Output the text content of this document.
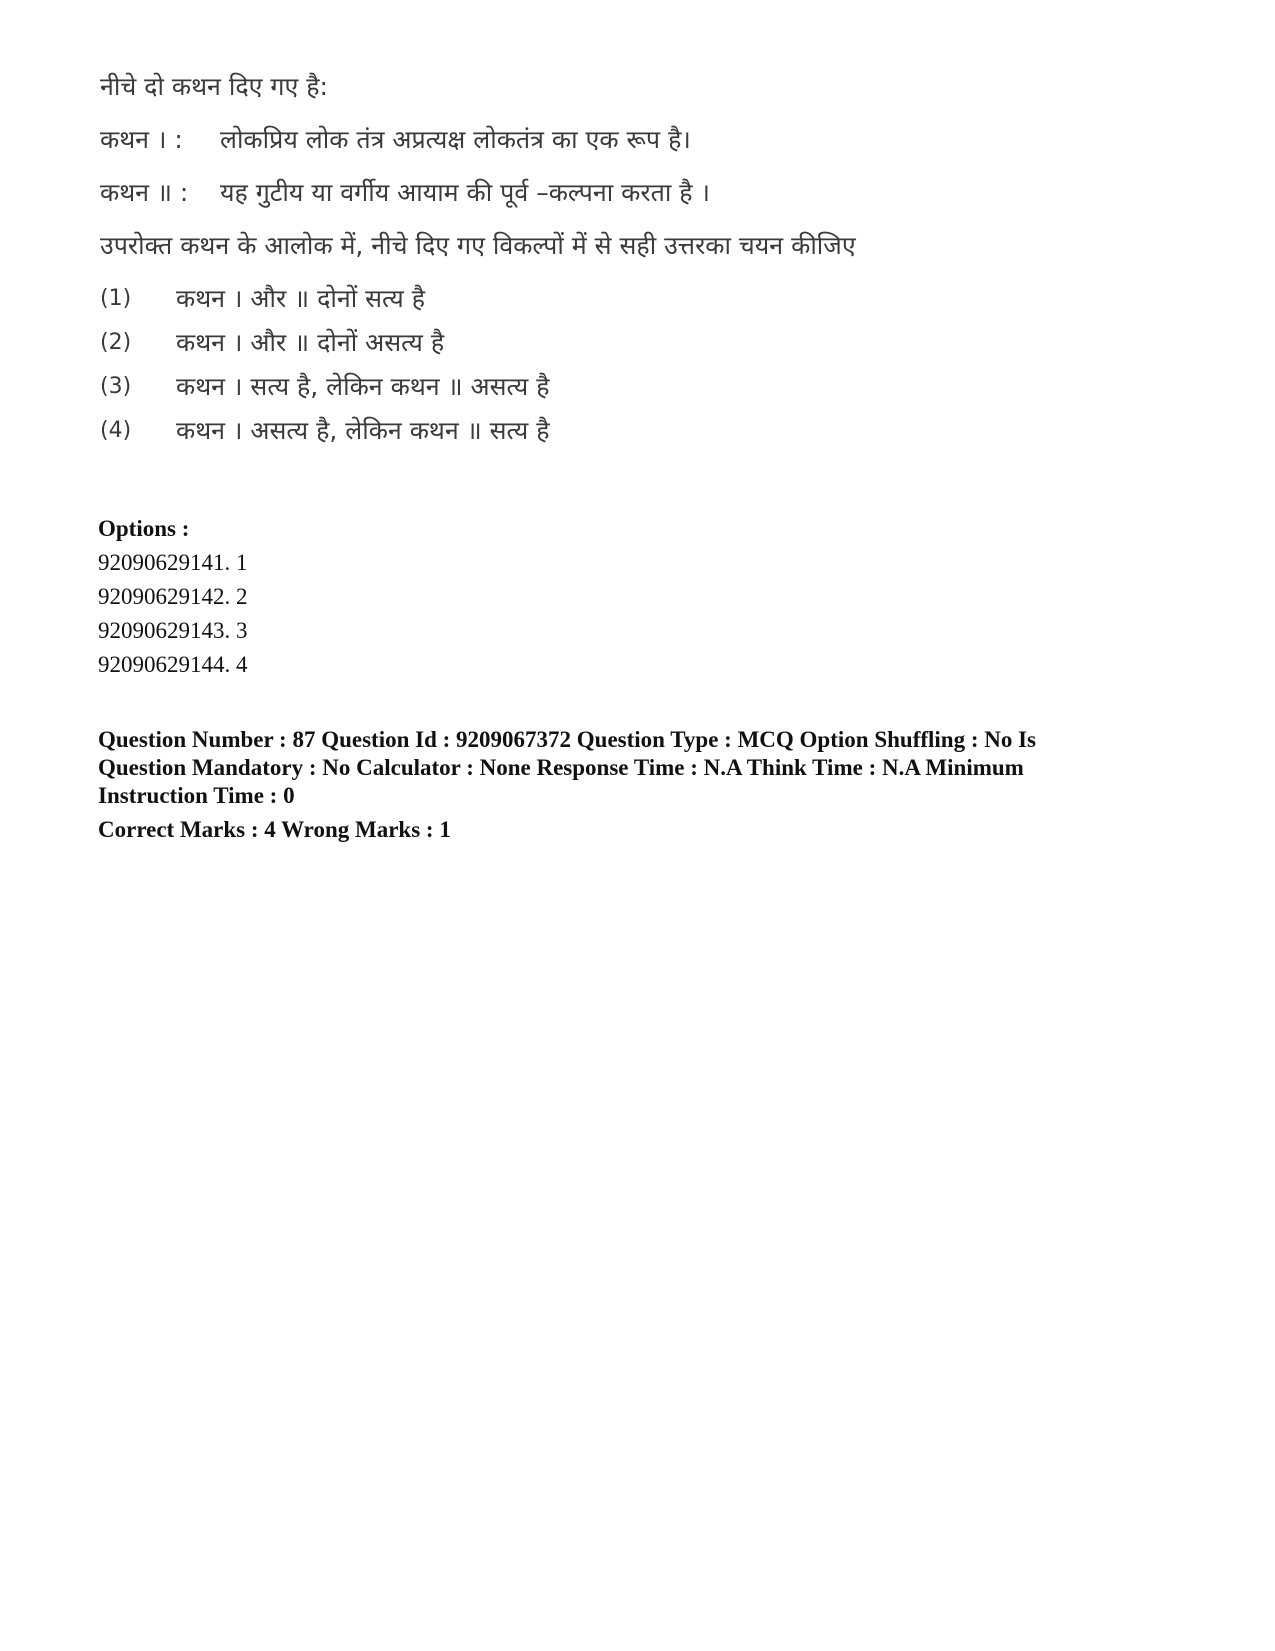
नीचे दो कथन दिए गए है:
कथन । :	लोकप्रिय लोक तंत्र अप्रत्यक्ष लोकतंत्र का एक रूप है।
कथन ॥ :	यह गुटीय या वर्गीय आयाम की पूर्व –कल्पना करता है ।
उपरोक्त कथन के आलोक में, नीचे दिए गए विकल्पों में से सही उत्तरका चयन कीजिए
(1)	कथन । और ॥ दोनों सत्य है
(2)	कथन । और ॥ दोनों असत्य है
(3)	कथन । सत्य है, लेकिन कथन ॥ असत्य है
(4)	कथन । असत्य है, लेकिन कथन ॥ सत्य है
Options :
92090629141. 1
92090629142. 2
92090629143. 3
92090629144. 4
Question Number : 87 Question Id : 9209067372 Question Type : MCQ Option Shuffling : No Is Question Mandatory : No Calculator : None Response Time : N.A Think Time : N.A Minimum Instruction Time : 0
Correct Marks : 4 Wrong Marks : 1
